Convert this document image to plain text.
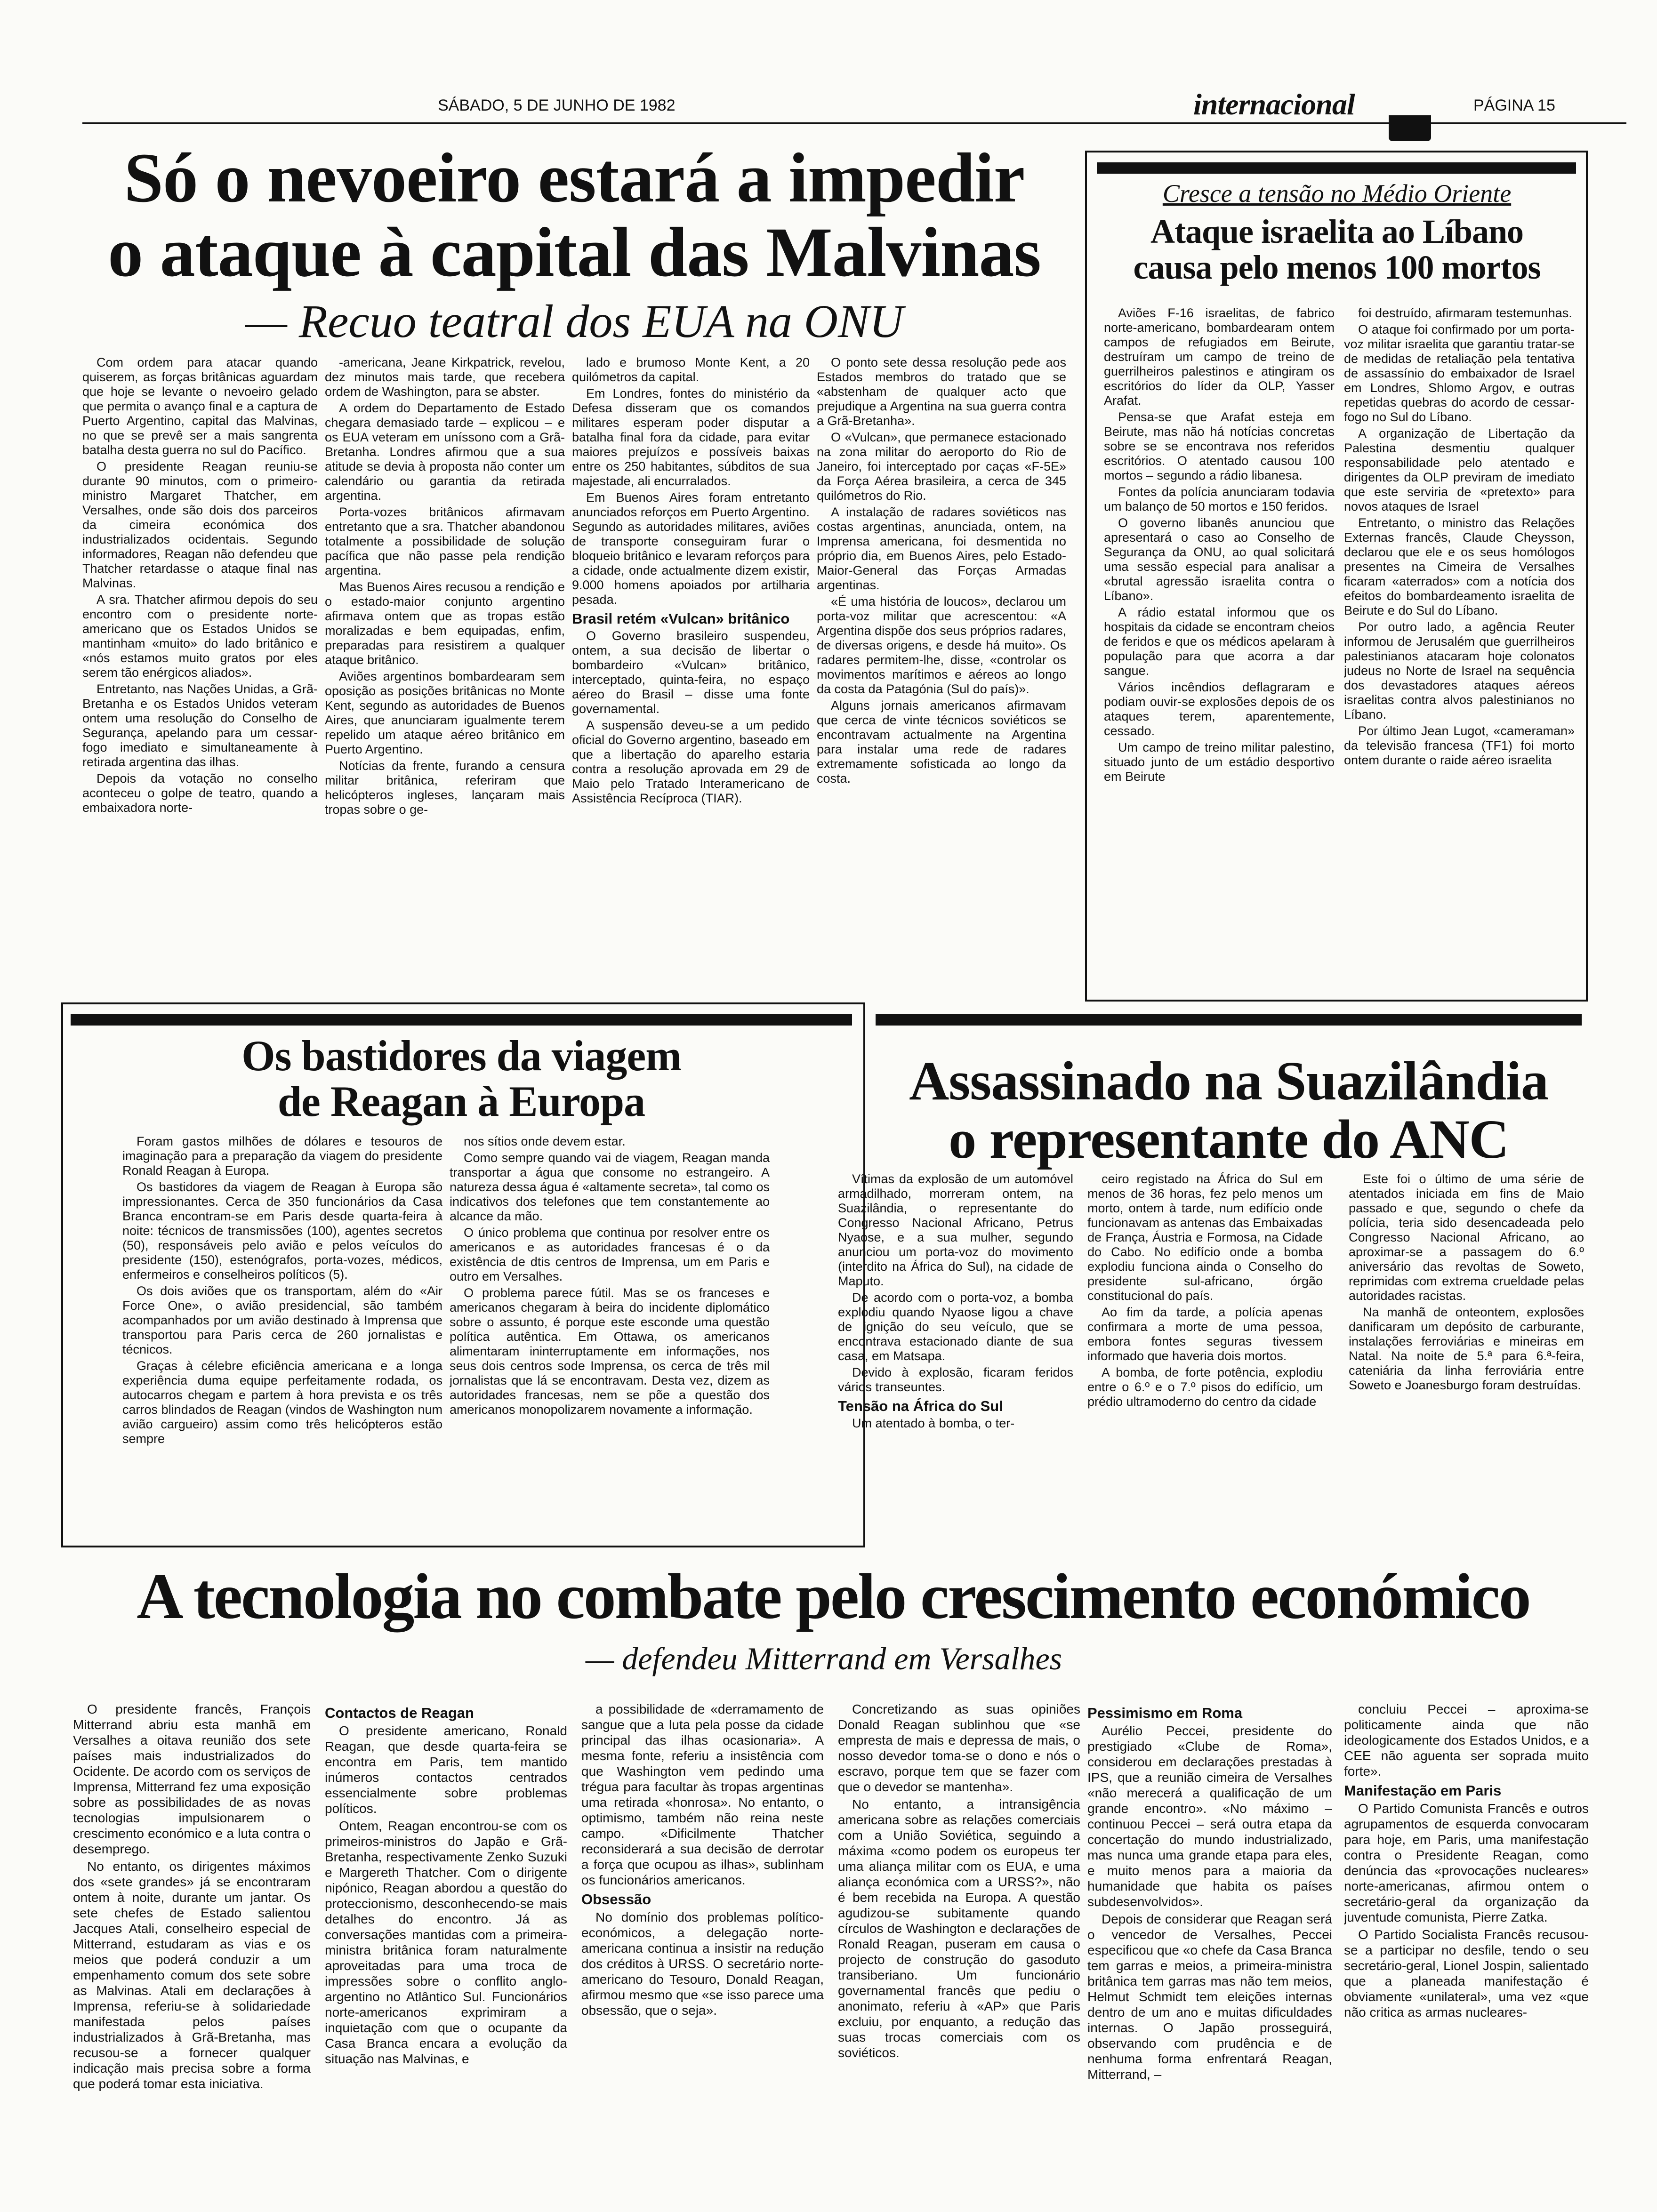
SÁBADO, 5 DE JUNHO DE 1982	internacional	PÁGINA 15
Só o nevoeiro estará a impedir
o ataque à capital das Malvinas
— Recuo teatral dos EUA na ONU

Com ordem para atacar quando quiserem, as forças britânicas aguardam que hoje se levante o nevoeiro gelado que permita o avanço final e a captura de Puerto Argentino, capital das Malvinas, no que se prevê ser a mais sangrenta batalha desta guerra no sul do Pacífico.

O presidente Reagan reuniu-se durante 90 minutos, com o primeiro-ministro Margaret Thatcher, em Versalhes, onde são dois dos parceiros da cimeira económica dos industrializados ocidentais. Segundo informadores, Reagan não defendeu que Thatcher retardasse o ataque final nas Malvinas.

A sra. Thatcher afirmou depois do seu encontro com o presidente norte-americano que os Estados Unidos se mantinham «muito» do lado britânico e «nós estamos muito gratos por eles serem tão enérgicos aliados».

Entretanto, nas Nações Unidas, a Grã-Bretanha e os Estados Unidos veteram ontem uma resolução do Conselho de Segurança, apelando para um cessar-fogo imediato e simultaneamente à retirada argentina das ilhas.

Depois da votação no conselho aconteceu o golpe de teatro, quando a embaixadora norte-

-americana, Jeane Kirkpatrick, revelou, dez minutos mais tarde, que recebera ordem de Washington, para se abster.

A ordem do Departamento de Estado chegara demasiado tarde – explicou – e os EUA veteram em uníssono com a Grã-Bretanha. Londres afirmou que a sua atitude se devia à proposta não conter um calendário ou garantia da retirada argentina.

Porta-vozes britânicos afirmavam entretanto que a sra. Thatcher abandonou totalmente a possibilidade de solução pacífica que não passe pela rendição argentina.

Mas Buenos Aires recusou a rendição e o estado-maior conjunto argentino afirmava ontem que as tropas estão moralizadas e bem equipadas, enfim, preparadas para resistirem a qualquer ataque britânico.

Aviões argentinos bombardearam sem oposição as posições britânicas no Monte Kent, segundo as autoridades de Buenos Aires, que anunciaram igualmente terem repelido um ataque aéreo britânico em Puerto Argentino.

Notícias da frente, furando a censura militar britânica, referiram que helicópteros ingleses, lançaram mais tropas sobre o ge-

lado e brumoso Monte Kent, a 20 quilómetros da capital.

Em Londres, fontes do ministério da Defesa disseram que os comandos militares esperam poder disputar a batalha final fora da cidade, para evitar maiores prejuízos e possíveis baixas entre os 250 habitantes, súbditos de sua majestade, ali encurralados.

Em Buenos Aires foram entretanto anunciados reforços em Puerto Argentino. Segundo as autoridades militares, aviões de transporte conseguiram furar o bloqueio britânico e levaram reforços para a cidade, onde actualmente dizem existir, 9.000 homens apoiados por artilharia pesada.

Brasil retém «Vulcan» britânico

O Governo brasileiro suspendeu, ontem, a sua decisão de libertar o bombardeiro «Vulcan» britânico, interceptado, quinta-feira, no espaço aéreo do Brasil – disse uma fonte governamental.

A suspensão deveu-se a um pedido oficial do Governo argentino, baseado em que a libertação do aparelho estaria contra a resolução aprovada em 29 de Maio pelo Tratado Interamericano de Assistência Recíproca (TIAR).

O ponto sete dessa resolução pede aos Estados membros do tratado que se «abstenham de qualquer acto que prejudique a Argentina na sua guerra contra a Grã-Bretanha».

O «Vulcan», que permanece estacionado na zona militar do aeroporto do Rio de Janeiro, foi interceptado por caças «F-5E» da Força Aérea brasileira, a cerca de 345 quilómetros do Rio.

A instalação de radares soviéticos nas costas argentinas, anunciada, ontem, na Imprensa americana, foi desmentida no próprio dia, em Buenos Aires, pelo Estado-Maior-General das Forças Armadas argentinas.

«É uma história de loucos», declarou um porta-voz militar que acrescentou: «A Argentina dispõe dos seus próprios radares, de diversas origens, e desde há muito». Os radares permitem-lhe, disse, «controlar os movimentos marítimos e aéreos ao longo da costa da Patagónia (Sul do país)».

Alguns jornais americanos afirmavam que cerca de vinte técnicos soviéticos se encontravam actualmente na Argentina para instalar uma rede de radares extremamente sofisticada ao longo da costa.

Cresce a tensão no Médio Oriente
Ataque israelita ao Líbano
causa pelo menos 100 mortos

Aviões F-16 israelitas, de fabrico norte-americano, bombardearam ontem campos de refugiados em Beirute, destruíram um campo de treino de guerrilheiros palestinos e atingiram os escritórios do líder da OLP, Yasser Arafat.

Pensa-se que Arafat esteja em Beirute, mas não há notícias concretas sobre se se encontrava nos referidos escritórios. O atentado causou 100 mortos – segundo a rádio libanesa.

Fontes da polícia anunciaram todavia um balanço de 50 mortos e 150 feridos.

O governo libanês anunciou que apresentará o caso ao Conselho de Segurança da ONU, ao qual solicitará uma sessão especial para analisar a «brutal agressão israelita contra o Líbano».

A rádio estatal informou que os hospitais da cidade se encontram cheios de feridos e que os médicos apelaram à população para que acorra a dar sangue.

Vários incêndios deflagraram e podiam ouvir-se explosões depois de os ataques terem, aparentemente, cessado.

Um campo de treino militar palestino, situado junto de um estádio desportivo em Beirute

foi destruído, afirmaram testemunhas.

O ataque foi confirmado por um porta-voz militar israelita que garantiu tratar-se de medidas de retaliação pela tentativa de assassínio do embaixador de Israel em Londres, Shlomo Argov, e outras repetidas quebras do acordo de cessar-fogo no Sul do Líbano.

A organização de Libertação da Palestina desmentiu qualquer responsabilidade pelo atentado e dirigentes da OLP previram de imediato que este serviria de «pretexto» para novos ataques de Israel

Entretanto, o ministro das Relações Externas francês, Claude Cheysson, declarou que ele e os seus homólogos presentes na Cimeira de Versalhes ficaram «aterrados» com a notícia dos efeitos do bombardeamento israelita de Beirute e do Sul do Líbano.

Por outro lado, a agência Reuter informou de Jerusalém que guerrilheiros palestinianos atacaram hoje colonatos judeus no Norte de Israel na sequência dos devastadores ataques aéreos israelitas contra alvos palestinianos no Líbano.

Por último Jean Lugot, «cameraman» da televisão francesa (TF1) foi morto ontem durante o raide aéreo israelita

Os bastidores da viagem
de Reagan à Europa

Foram gastos milhões de dólares e tesouros de imaginação para a preparação da viagem do presidente Ronald Reagan à Europa.

Os bastidores da viagem de Reagan à Europa são impressionantes. Cerca de 350 funcionários da Casa Branca encontram-se em Paris desde quarta-feira à noite: técnicos de transmissões (100), agentes secretos (50), responsáveis pelo avião e pelos veículos do presidente (150), estenógrafos, porta-vozes, médicos, enfermeiros e conselheiros políticos (5).

Os dois aviões que os transportam, além do «Air Force One», o avião presidencial, são também acompanhados por um avião destinado à Imprensa que transportou para Paris cerca de 260 jornalistas e técnicos.

Graças à célebre eficiência americana e a longa experiência duma equipe perfeitamente rodada, os autocarros chegam e partem à hora prevista e os três carros blindados de Reagan (vindos de Washington num avião cargueiro) assim como três helicópteros estão sempre

nos sítios onde devem estar.

Como sempre quando vai de viagem, Reagan manda transportar a água que consome no estrangeiro. A natureza dessa água é «altamente secreta», tal como os indicativos dos telefones que tem constantemente ao alcance da mão.

O único problema que continua por resolver entre os americanos e as autoridades francesas é o da existência de dtis centros de Imprensa, um em Paris e outro em Versalhes.

O problema parece fútil. Mas se os franceses e americanos chegaram à beira do incidente diplomático sobre o assunto, é porque este esconde uma questão política autêntica. Em Ottawa, os americanos alimentaram ininterruptamente em informações, nos seus dois centros sode Imprensa, os cerca de três mil jornalistas que lá se encontravam. Desta vez, dizem as autoridades francesas, nem se põe a questão dos americanos monopolizarem novamente a informação.

Assassinado na Suazilândia
o representante do ANC

Vítimas da explosão de um automóvel armadilhado, morreram ontem, na Suazilândia, o representante do Congresso Nacional Africano, Petrus Nyaose, e a sua mulher, segundo anunciou um porta-voz do movimento (interdito na África do Sul), na cidade de Maputo.

De acordo com o porta-voz, a bomba explodiu quando Nyaose ligou a chave de ignição do seu veículo, que se encontrava estacionado diante de sua casa, em Matsapa.

Devido à explosão, ficaram feridos vários transeuntes.

Tensão na África do Sul

Um atentado à bomba, o ter-

ceiro registado na África do Sul em menos de 36 horas, fez pelo menos um morto, ontem à tarde, num edifício onde funcionavam as antenas das Embaixadas de França, Áustria e Formosa, na Cidade do Cabo. No edifício onde a bomba explodiu funciona ainda o Conselho do presidente sul-africano, órgão constitucional do país.

Ao fim da tarde, a polícia apenas confirmara a morte de uma pessoa, embora fontes seguras tivessem informado que haveria dois mortos.

A bomba, de forte potência, explodiu entre o 6.º e o 7.º pisos do edifício, um prédio ultramoderno do centro da cidade

Este foi o último de uma série de atentados iniciada em fins de Maio passado e que, segundo o chefe da polícia, teria sido desencadeada pelo Congresso Nacional Africano, ao aproximar-se a passagem do 6.º aniversário das revoltas de Soweto, reprimidas com extrema crueldade pelas autoridades racistas.

Na manhã de onteontem, explosões danificaram um depósito de carburante, instalações ferroviárias e mineiras em Natal. Na noite de 5.ª para 6.ª-feira, cateniária da linha ferroviária entre Soweto e Joanesburgo foram destruídas.

A tecnologia no combate pelo crescimento económico
— defendeu Mitterrand em Versalhes

O presidente francês, François Mitterrand abriu esta manhã em Versalhes a oitava reunião dos sete países mais industrializados do Ocidente. De acordo com os serviços de Imprensa, Mitterrand fez uma exposição sobre as possibilidades de as novas tecnologias impulsionarem o crescimento económico e a luta contra o desemprego.

No entanto, os dirigentes máximos dos «sete grandes» já se encontraram ontem à noite, durante um jantar. Os sete chefes de Estado salientou Jacques Atali, conselheiro especial de Mitterrand, estudaram as vias e os meios que poderá conduzir a um empenhamento comum dos sete sobre as Malvinas. Atali em declarações à Imprensa, referiu-se à solidariedade manifestada pelos países industrializados à Grã-Bretanha, mas recusou-se a fornecer qualquer indicação mais precisa sobre a forma que poderá tomar esta iniciativa.

Contactos de Reagan

O presidente americano, Ronald Reagan, que desde quarta-feira se encontra em Paris, tem mantido inúmeros contactos centrados essencialmente sobre problemas políticos.

Ontem, Reagan encontrou-se com os primeiros-ministros do Japão e Grã-Bretanha, respectivamente Zenko Suzuki e Margereth Thatcher. Com o dirigente nipónico, Reagan abordou a questão do proteccionismo, desconhecendo-se mais detalhes do encontro. Já as conversações mantidas com a primeira-ministra britânica foram naturalmente aproveitadas para uma troca de impressões sobre o conflito anglo-argentino no Atlântico Sul. Funcionários norte-americanos exprimiram a inquietação com que o ocupante da Casa Branca encara a evolução da situação nas Malvinas, e

a possibilidade de «derramamento de sangue que a luta pela posse da cidade principal das ilhas ocasionaria». A mesma fonte, referiu a insistência com que Washington vem pedindo uma trégua para facultar às tropas argentinas uma retirada «honrosa». No entanto, o optimismo, também não reina neste campo. «Dificilmente Thatcher reconsiderará a sua decisão de derrotar a força que ocupou as ilhas», sublinham os funcionários americanos.

Obsessão

No domínio dos problemas político-económicos, a delegação norte-americana continua a insistir na redução dos créditos à URSS. O secretário norte-americano do Tesouro, Donald Reagan, afirmou mesmo que «se isso parece uma obsessão, que o seja».

Concretizando as suas opiniões Donald Reagan sublinhou que «se empresta de mais e depressa de mais, o nosso devedor toma-se o dono e nós o escravo, porque tem que se fazer com que o devedor se mantenha».

No entanto, a intransigência americana sobre as relações comerciais com a União Soviética, seguindo a máxima «como podem os europeus ter uma aliança militar com os EUA, e uma aliança económica com a URSS?», não é bem recebida na Europa. A questão agudizou-se subitamente quando círculos de Washington e declarações de Ronald Reagan, puseram em causa o projecto de construção do gasoduto transiberiano. Um funcionário governamental francês que pediu o anonimato, referiu à «AP» que Paris excluiu, por enquanto, a redução das suas trocas comerciais com os soviéticos.

Pessimismo em Roma

Aurélio Peccei, presidente do prestigiado «Clube de Roma», considerou em declarações prestadas à IPS, que a reunião cimeira de Versalhes «não merecerá a qualificação de um grande encontro». «No máximo – continuou Peccei – será outra etapa da concertação do mundo industrializado, mas nunca uma grande etapa para eles, e muito menos para a maioria da humanidade que habita os países subdesenvolvidos».

Depois de considerar que Reagan será o vencedor de Versalhes, Peccei especificou que «o chefe da Casa Branca tem garras e meios, a primeira-ministra britânica tem garras mas não tem meios, Helmut Schmidt tem eleições internas dentro de um ano e muitas dificuldades internas. O Japão prosseguirá, observando com prudência e de nenhuma forma enfrentará Reagan, Mitterrand, –

concluiu Peccei – aproxima-se politicamente ainda que não ideologicamente dos Estados Unidos, e a CEE não aguenta ser soprada muito forte».

Manifestação em Paris

O Partido Comunista Francês e outros agrupamentos de esquerda convocaram para hoje, em Paris, uma manifestação contra o Presidente Reagan, como denúncia das «provocações nucleares» norte-americanas, afirmou ontem o secretário-geral da organização da juventude comunista, Pierre Zatka.

O Partido Socialista Francês recusou-se a participar no desfile, tendo o seu secretário-geral, Lionel Jospin, salientado que a planeada manifestação é obviamente «unilateral», uma vez «que não critica as armas nucleares-
